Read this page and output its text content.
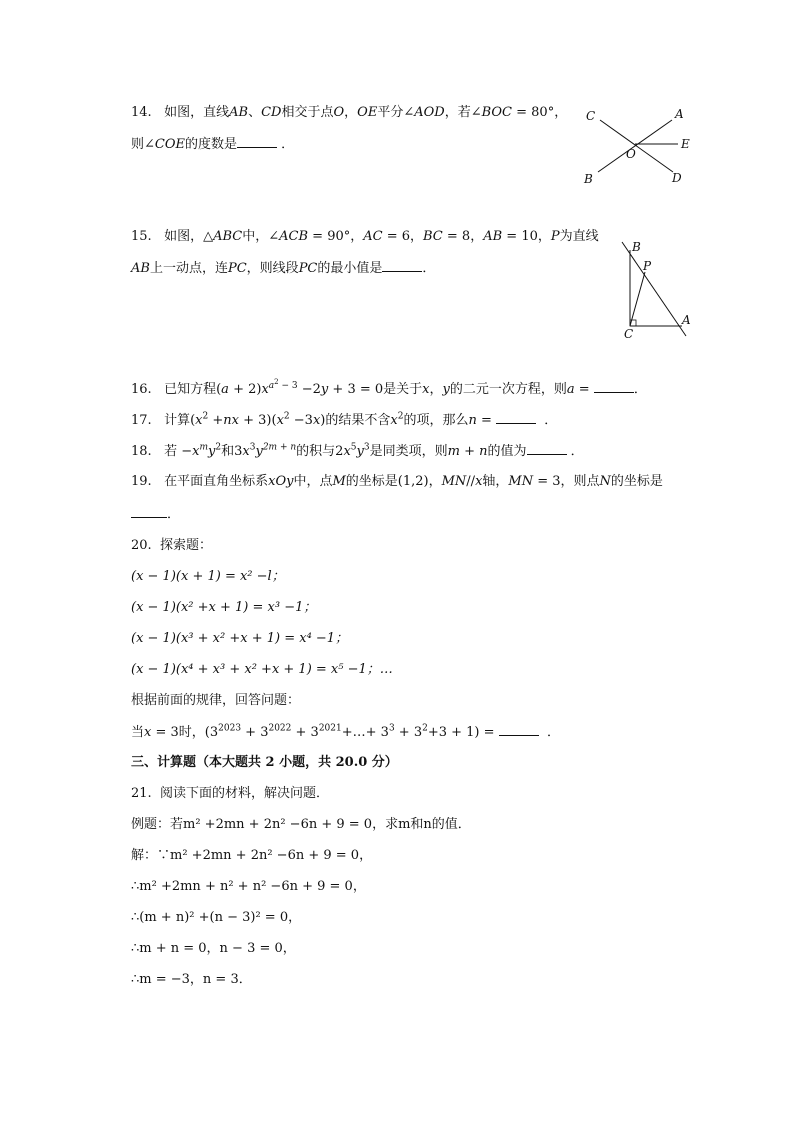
14. 如图，直线AB、CD相交于点O，OE平分∠AOD，若∠BOC = 80°，
则∠COE的度数是	．
C	A
E
O
B	D
15. 如图，△ABC中，∠ACB = 90°，AC = 6，BC = 8，AB = 10，P为直线
AB上一动点，连PC，则线段PC的最小值是	．
B
P
A
C
16. 已知方程$(a + 2)x^{a^2 - 3} -2y + 3 = 0$是关于x，y的二元一次方程，则a =	．
17. 计算$(x^2 +nx + 3)(x^2 -3x)$的结果不含$x^2$的项，那么n =	．
18. 若 $-x^my^2$和$3x^3y^{2m + n}$的积与$2x^5y^3$是同类项，则m + n的值为	．
19. 在平面直角坐标系xOy中，点M的坐标是(1,2)，MN//x轴，MN = 3，则点N的坐标是
．
20. 探索题：
(x − 1)(x + 1) = x² −l；
(x − 1)(x² +x + 1) = x³ −1；
(x − 1)(x³ + x² +x + 1) = x⁴ −1；
(x − 1)(x⁴ + x³ + x² +x + 1) = x⁵ −1；…
根据前面的规律，回答问题：
当x = 3时，($3^{2023} + 3^{2022}$ + $3^{2021}+\dots+ 3^3 + 3^2+3 + 1$) =	．
三、计算题（本大题共 2 小题，共 20.0 分）
21. 阅读下面的材料，解决问题．
例题：若m² +2mn + 2n² −6n + 9 = 0，求m和n的值．
解：∵m² +2mn + 2n² −6n + 9 = 0，
∴m² +2mn + n² + n² −6n + 9 = 0，
∴(m + n)² +(n − 3)² = 0，
∴m + n = 0，n − 3 = 0，
∴m = −3，n = 3．
